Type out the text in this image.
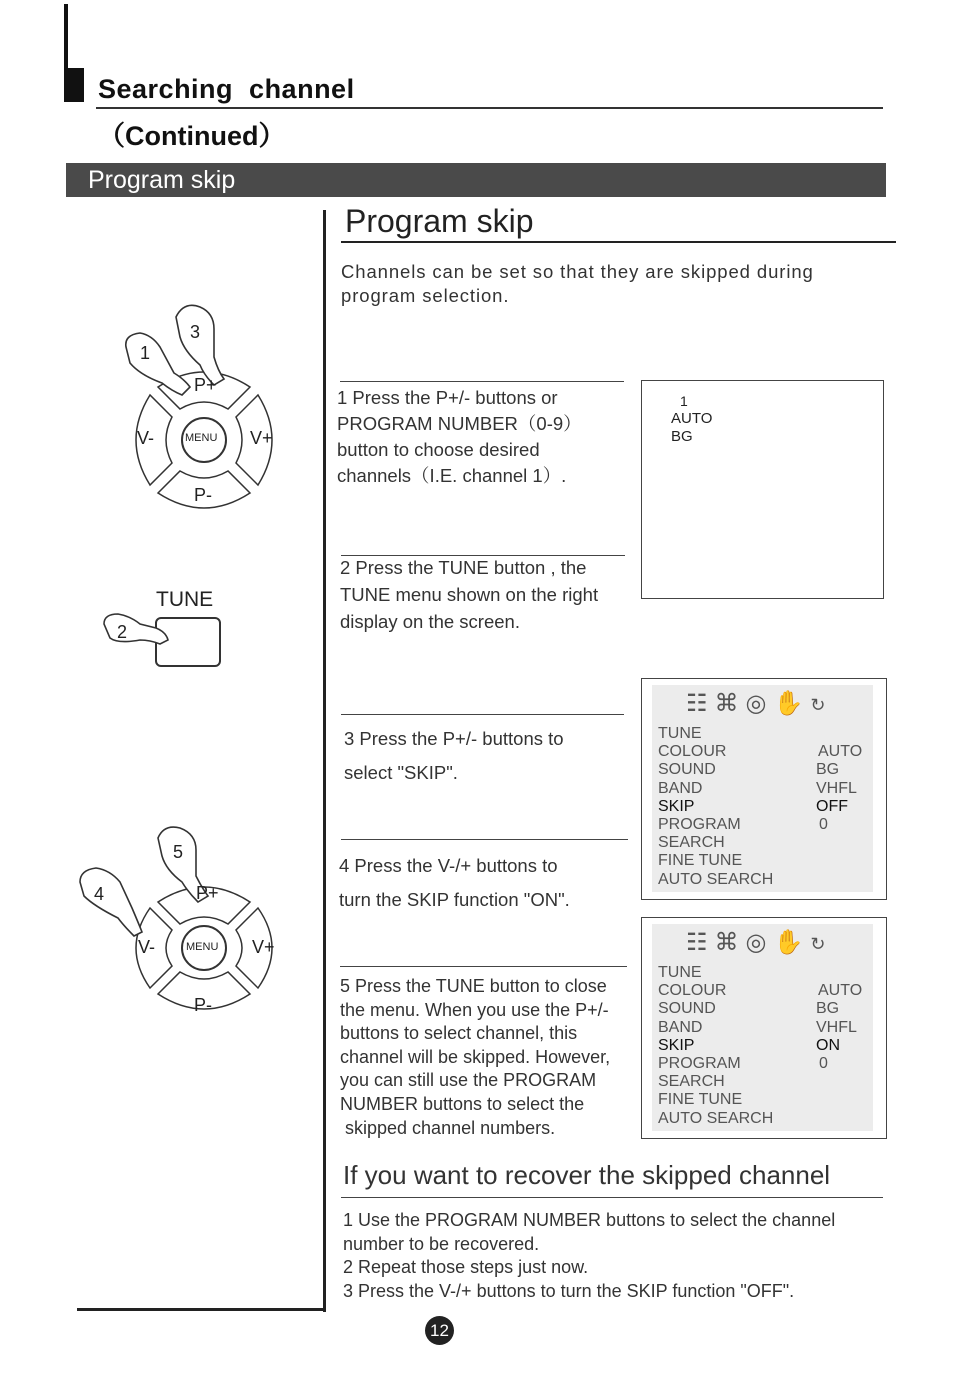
Searching  channel
（Continued）
Program skip
1
3
P+
V-	V+
MENU
P-
TUNE
2
4
5
P+
V-	V+
MENU
P-
Program skip
Channels can be set so that they are skipped during
program selection.
1 Press the P+/- buttons or
PROGRAM NUMBER（0-9）
button to choose desired
channels（I.E. channel 1）.
1
AUTO
BG
2 Press the TUNE button , the
TUNE menu shown on the right
display on the screen.
3 Press the P+/- buttons to
select "SKIP".
☷ ⌘ ◎ ✋ ↻
TUNE
COLOUR	AUTO
SOUND	BG
BAND	VHFL
SKIP	OFF
PROGRAM	0
SEARCH
FINE TUNE
AUTO SEARCH
4 Press the V-/+ buttons to
turn the SKIP function "ON".
☷ ⌘ ◎ ✋ ↻
TUNE
COLOUR	AUTO
SOUND	BG
BAND	VHFL
SKIP	ON
PROGRAM	0
SEARCH
FINE TUNE
AUTO SEARCH
5 Press the TUNE button to close
the menu. When you use the P+/-
buttons to select channel, this
channel will be skipped. However,
you can still use the PROGRAM
NUMBER buttons to select the
skipped channel numbers.
If you want to recover the skipped channel
1 Use the PROGRAM NUMBER buttons to select the channel
number to be recovered.
2 Repeat those steps just now.
3 Press the V-/+ buttons to turn the SKIP function "OFF".
12
